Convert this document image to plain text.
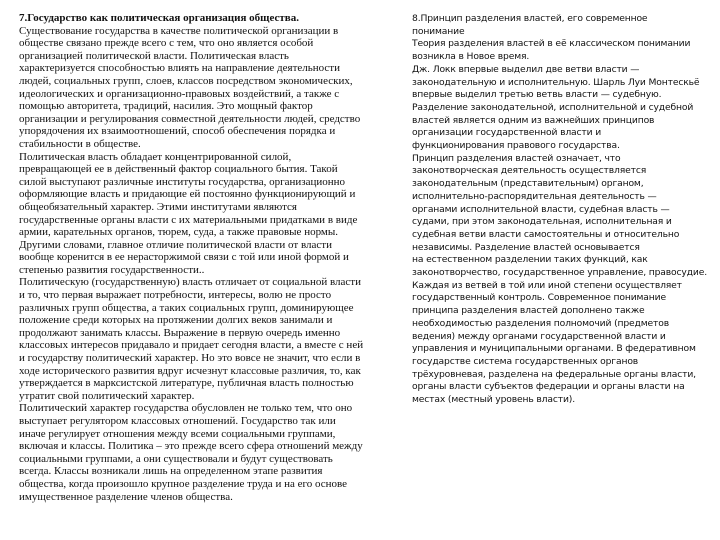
7.Государство как политическая организация общества.
Существование государства в качестве политической организации в
обществе связано прежде всего с тем, что оно является особой
организацией политической власти. Политическая власть
характеризуется способностью влиять на направление деятельности
людей, социальных групп, слоев, классов посредством экономических,
идеологических и организационно-правовых воздействий, а также с
помощью авторитета, традиций, насилия. Это мощный фактор
организации и регулирования совместной деятельности людей, средство
упорядочения их взаимоотношений, способ обеспечения порядка и
стабильности в обществе.
Политическая власть обладает концентрированной силой,
превращающей ее в действенный фактор социального бытия. Такой
силой выступают различные институты государства, организационно
оформляющие власть и придающие ей постоянно функционирующий и
общеобязательный характер. Этими институтами являются
государственные органы власти с их материальными придатками в виде
армии, карательных органов, тюрем, суда, а также правовые нормы.
Другими словами, главное отличие политической власти от власти
вообще коренится в ее нерасторжимой связи с той или иной формой и
степенью развития государственности..
Политическую (государственную) власть отличает от социальной власти
и то, что первая выражает потребности, интересы, волю не просто
различных групп общества, а таких социальных групп, доминирующее
положение среди которых на протяжении долгих веков занимали и
продолжают занимать классы. Выражение в первую очередь именно
классовых интересов придавало и придает сегодня власти, а вместе с ней
и государству политический характер. Но это вовсе не значит, что если в
ходе исторического развития вдруг исчезнут классовые различия, то, как
утверждается в марксистской литературе, публичная власть полностью
утратит свой политический характер.
Политический характер государства обусловлен не только тем, что оно
выступает регулятором классовых отношений. Государство так или
иначе регулирует отношения между всеми социальными группами,
включая и классы. Политика – это прежде всего сфера отношений между
социальными группами, а они существовали и будут существовать
всегда. Классы возникали лишь на определенном этапе развития
общества, когда произошло крупное разделение труда и на его основе
имущественное разделение членов общества.
8.Принцип разделения властей, его современное
понимание
Теория разделения властей в её классическом понимании
возникла в Новое время.
Дж. Локк впервые выделил две ветви власти —
законодательную и исполнительную. Шарль Луи Монтескьё
впервые выделил третью ветвь власти — судебную.
Разделение законодательной, исполнительной и судебной
властей является одним из важнейших принципов
организации государственной власти и
функционирования правового государства.
Принцип разделения властей означает, что
законотворческая деятельность осуществляется
законодательным (представительным) органом,
исполнительно-распорядительная деятельность —
органами исполнительной власти, судебная власть —
судами, при этом законодательная, исполнительная и
судебная ветви власти самостоятельны и относительно
независимы. Разделение властей основывается
на естественном разделении таких функций, как
законотворчество, государственное управление, правосудие.
Каждая из ветвей в той или иной степени осуществляет
государственный контроль. Современное понимание
принципа разделения властей дополнено также
необходимостью разделения полномочий (предметов
ведения) между органами государственной власти и
управления и муниципальными органами. В федеративном
государстве система государственных органов
трёхуровневая, разделена на федеральные органы власти,
органы власти субъектов федерации и органы власти на
местах (местный уровень власти).
